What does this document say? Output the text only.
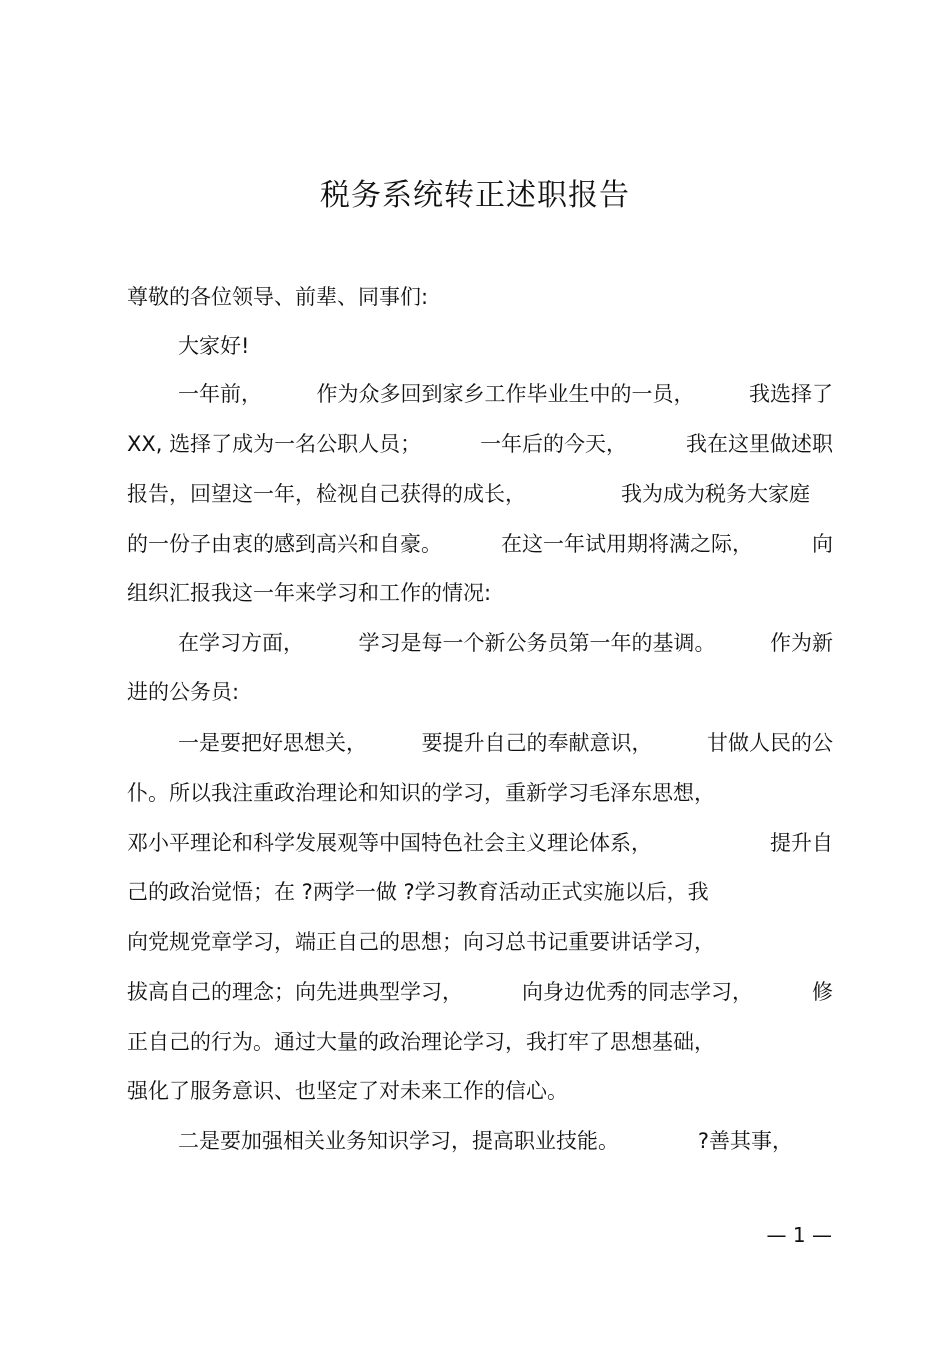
税务系统转正述职报告
尊敬的各位领导、前辈、同事们:
大家好!
一年前，	作为众多回到家乡工作毕业生中的一员，	我选择了
XX, 选择了成为一名公职人员；	一年后的今天，	我在这里做述职
报告，回望这一年，检视自己获得的成长，	我为成为税务大家庭
的一份子由衷的感到高兴和自豪。	在这一年试用期将满之际，	向
组织汇报我这一年来学习和工作的情况:
在学习方面，	学习是每一个新公务员第一年的基调。	作为新
进的公务员:
一是要把好思想关，	要提升自己的奉献意识，	甘做人民的公
仆。所以我注重政治理论和知识的学习，重新学习毛泽东思想，
邓小平理论和科学发展观等中国特色社会主义理论体系，	提升自
己的政治觉悟；在 ?两学一做 ?学习教育活动正式实施以后，我
向党规党章学习，端正自己的思想；向习总书记重要讲话学习，
拔高自己的理念；向先进典型学习，	向身边优秀的同志学习，	修
正自己的行为。通过大量的政治理论学习，我打牢了思想基础，
强化了服务意识、也坚定了对未来工作的信心。
二是要加强相关业务知识学习，提高职业技能。	?善其事，
— 1 —
